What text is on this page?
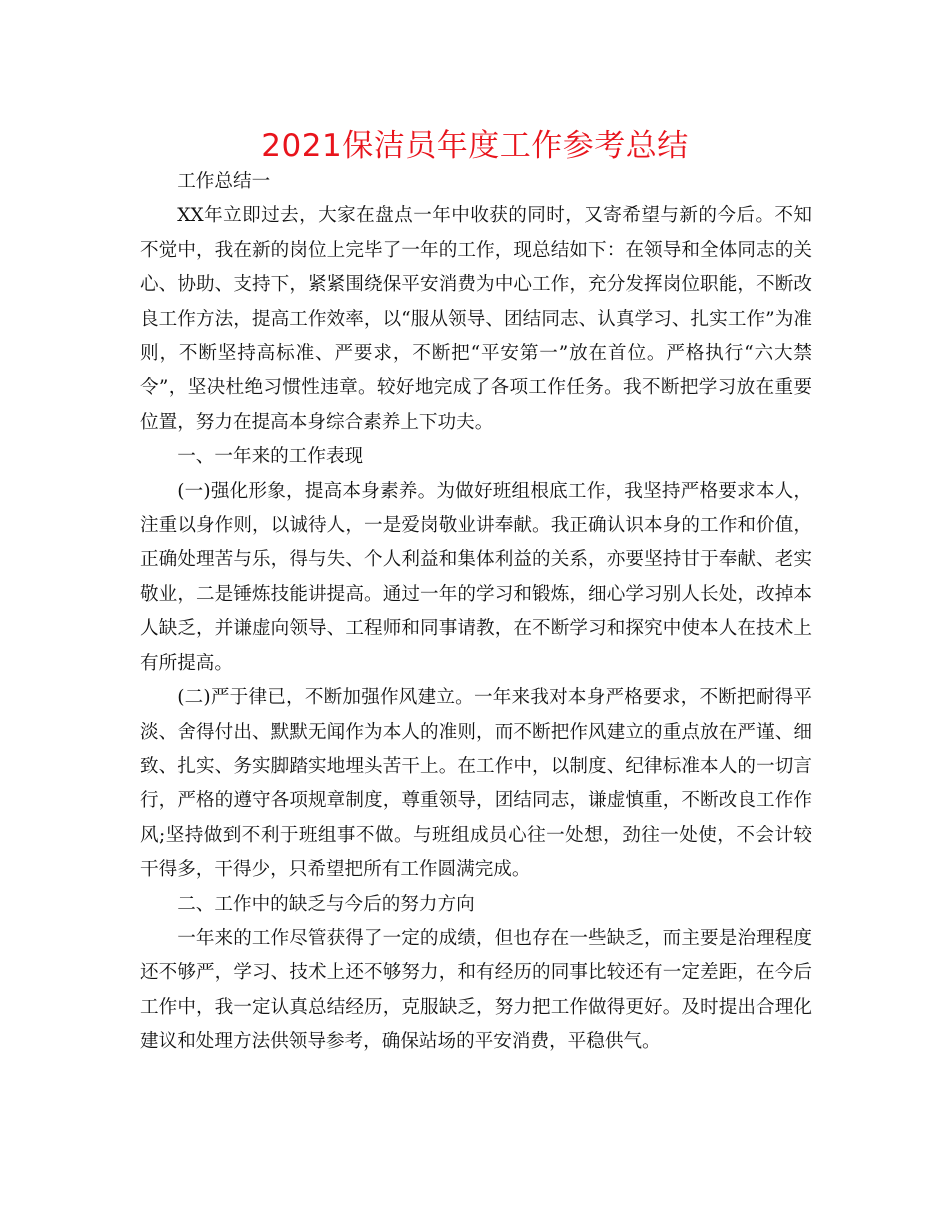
2021保洁员年度工作参考总结

工作总结一

XX年立即过去，大家在盘点一年中收获的同时，又寄希望与新的今后。不知不觉中，我在新的岗位上完毕了一年的工作，现总结如下：在领导和全体同志的关心、协助、支持下，紧紧围绕保平安消费为中心工作，充分发挥岗位职能，不断改良工作方法，提高工作效率，以“服从领导、团结同志、认真学习、扎实工作”为准则，不断坚持高标准、严要求，不断把“平安第一”放在首位。严格执行“六大禁令”，坚决杜绝习惯性违章。较好地完成了各项工作任务。我不断把学习放在重要位置，努力在提高本身综合素养上下功夫。

一、一年来的工作表现

(一)强化形象，提高本身素养。为做好班组根底工作，我坚持严格要求本人，注重以身作则，以诚待人，一是爱岗敬业讲奉献。我正确认识本身的工作和价值，正确处理苦与乐，得与失、个人利益和集体利益的关系，亦要坚持甘于奉献、老实敬业，二是锤炼技能讲提高。通过一年的学习和锻炼，细心学习别人长处，改掉本人缺乏，并谦虚向领导、工程师和同事请教，在不断学习和探究中使本人在技术上有所提高。

(二)严于律已，不断加强作风建立。一年来我对本身严格要求，不断把耐得平淡、舍得付出、默默无闻作为本人的准则，而不断把作风建立的重点放在严谨、细致、扎实、务实脚踏实地埋头苦干上。在工作中，以制度、纪律标准本人的一切言行，严格的遵守各项规章制度，尊重领导，团结同志，谦虚慎重，不断改良工作作风;坚持做到不利于班组事不做。与班组成员心往一处想，劲往一处使，不会计较干得多，干得少，只希望把所有工作圆满完成。

二、工作中的缺乏与今后的努力方向

一年来的工作尽管获得了一定的成绩，但也存在一些缺乏，而主要是治理程度还不够严，学习、技术上还不够努力，和有经历的同事比较还有一定差距，在今后工作中，我一定认真总结经历，克服缺乏，努力把工作做得更好。及时提出合理化建议和处理方法供领导参考，确保站场的平安消费，平稳供气。
